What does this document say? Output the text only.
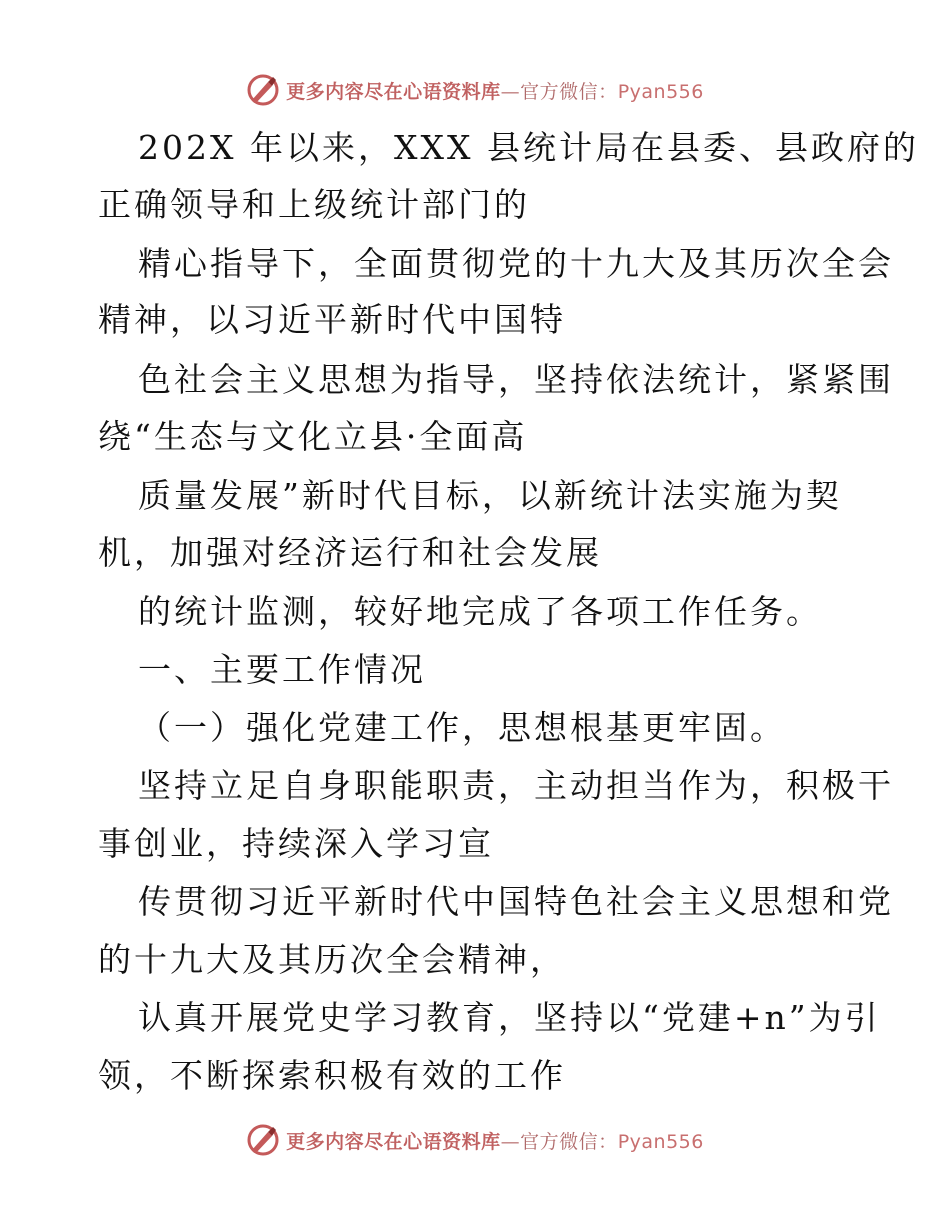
更多内容尽在心语资料库—官方微信：Pyan556
202X 年以来，XXX 县统计局在县委、县政府的
正确领导和上级统计部门的
精心指导下，全面贯彻党的十九大及其历次全会
精神，以习近平新时代中国特
色社会主义思想为指导，坚持依法统计，紧紧围
绕“生态与文化立县·全面高
质量发展”新时代目标，以新统计法实施为契
机，加强对经济运行和社会发展
的统计监测，较好地完成了各项工作任务。
一、主要工作情况
（一）强化党建工作，思想根基更牢固。
坚持立足自身职能职责，主动担当作为，积极干
事创业，持续深入学习宣
传贯彻习近平新时代中国特色社会主义思想和党
的十九大及其历次全会精神，
认真开展党史学习教育，坚持以“党建+n”为引
领，不断探索积极有效的工作
更多内容尽在心语资料库—官方微信：Pyan556
